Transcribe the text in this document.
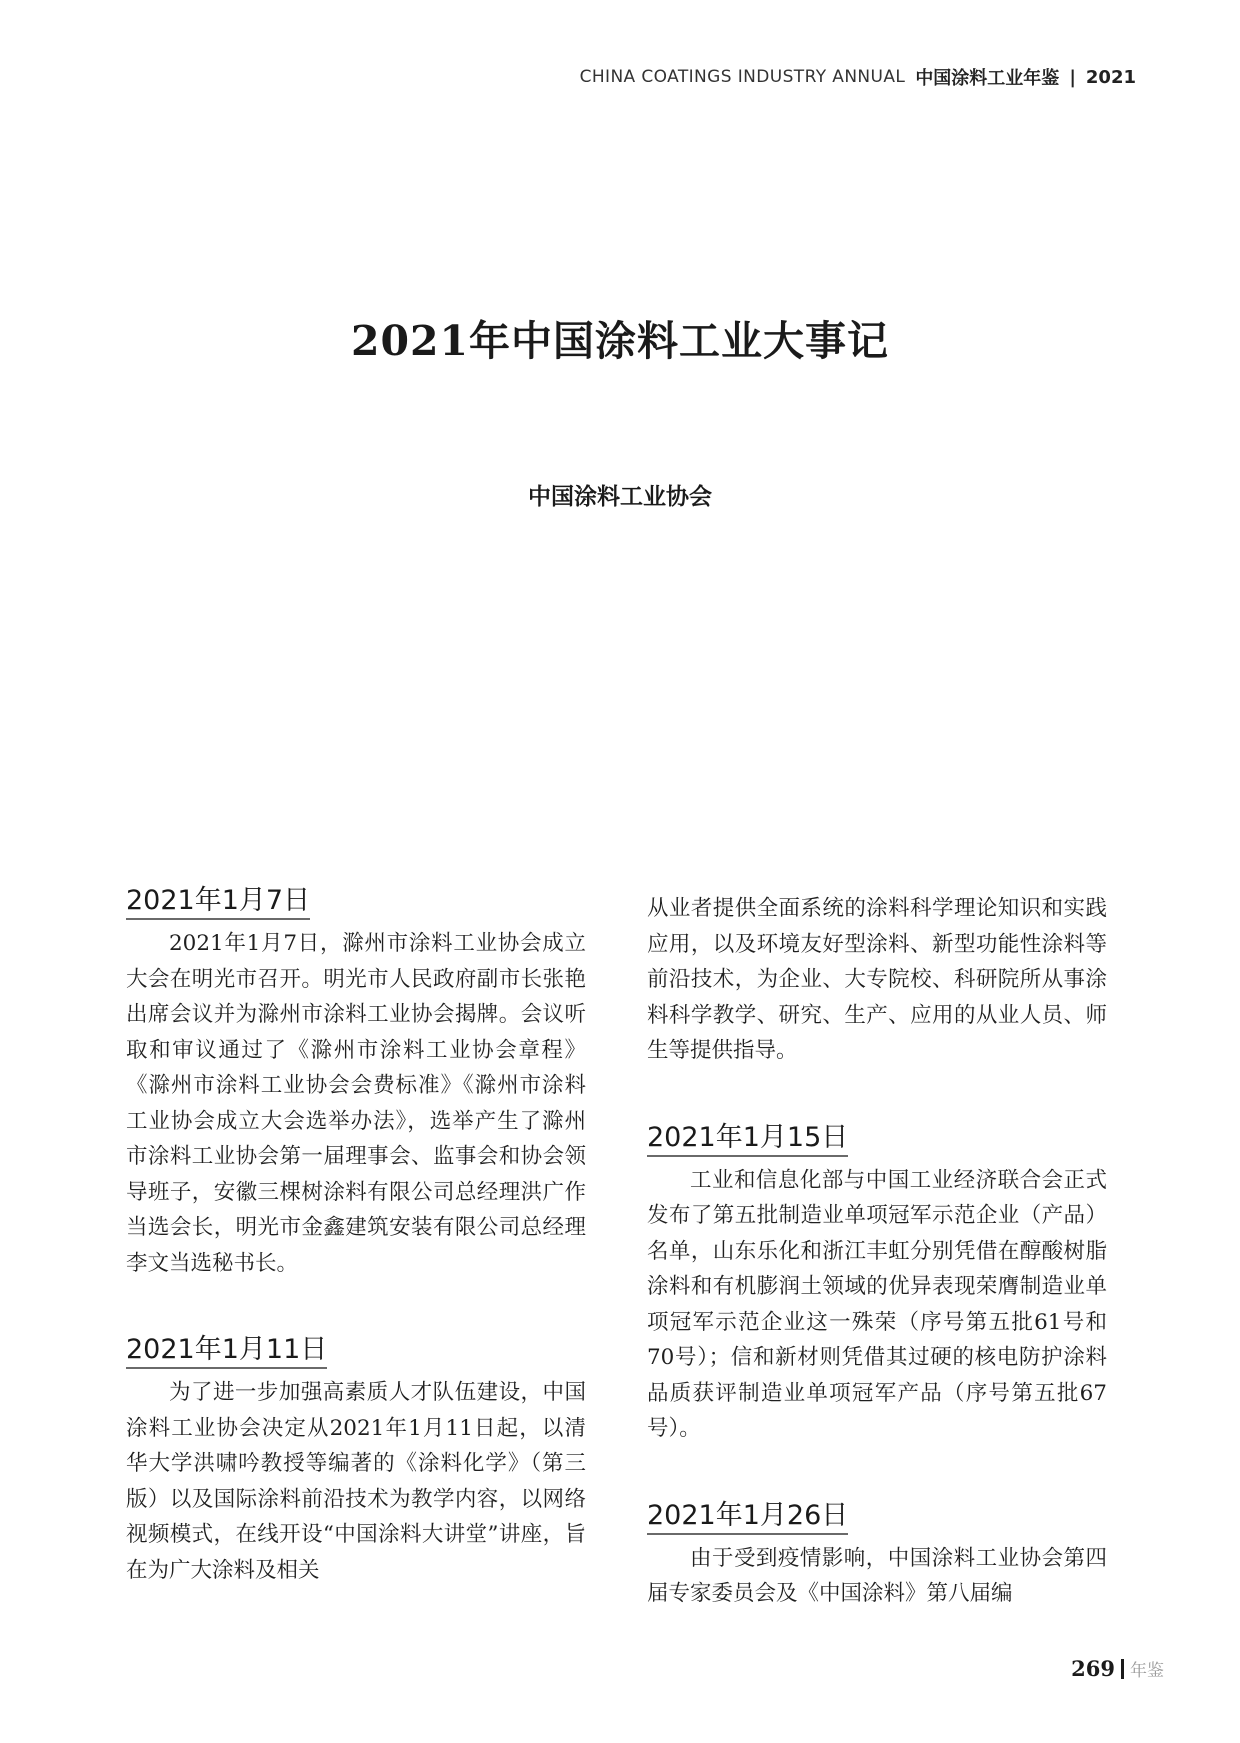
CHINA COATINGS INDUSTRY ANNUAL 中国涂料工业年鉴 | 2021
2021年中国涂料工业大事记
中国涂料工业协会
2021年1月7日

2021年1月7日，滁州市涂料工业协会成立大会在明光市召开。明光市人民政府副市长张艳出席会议并为滁州市涂料工业协会揭牌。会议听取和审议通过了《滁州市涂料工业协会章程》《滁州市涂料工业协会会费标准》《滁州市涂料工业协会成立大会选举办法》，选举产生了滁州市涂料工业协会第一届理事会、监事会和协会领导班子，安徽三棵树涂料有限公司总经理洪广作当选会长，明光市金鑫建筑安装有限公司总经理李文当选秘书长。

2021年1月11日

为了进一步加强高素质人才队伍建设，中国涂料工业协会决定从2021年1月11日起，以清华大学洪啸吟教授等编著的《涂料化学》（第三版）以及国际涂料前沿技术为教学内容，以网络视频模式，在线开设“中国涂料大讲堂”讲座，旨在为广大涂料及相关

从业者提供全面系统的涂料科学理论知识和实践应用，以及环境友好型涂料、新型功能性涂料等前沿技术，为企业、大专院校、科研院所从事涂料科学教学、研究、生产、应用的从业人员、师生等提供指导。

2021年1月15日

工业和信息化部与中国工业经济联合会正式发布了第五批制造业单项冠军示范企业（产品）名单，山东乐化和浙江丰虹分别凭借在醇酸树脂涂料和有机膨润土领域的优异表现荣膺制造业单项冠军示范企业这一殊荣（序号第五批61号和70号）；信和新材则凭借其过硬的核电防护涂料品质获评制造业单项冠军产品（序号第五批67号）。

2021年1月26日

由于受到疫情影响，中国涂料工业协会第四届专家委员会及《中国涂料》第八届编

269 年鉴
